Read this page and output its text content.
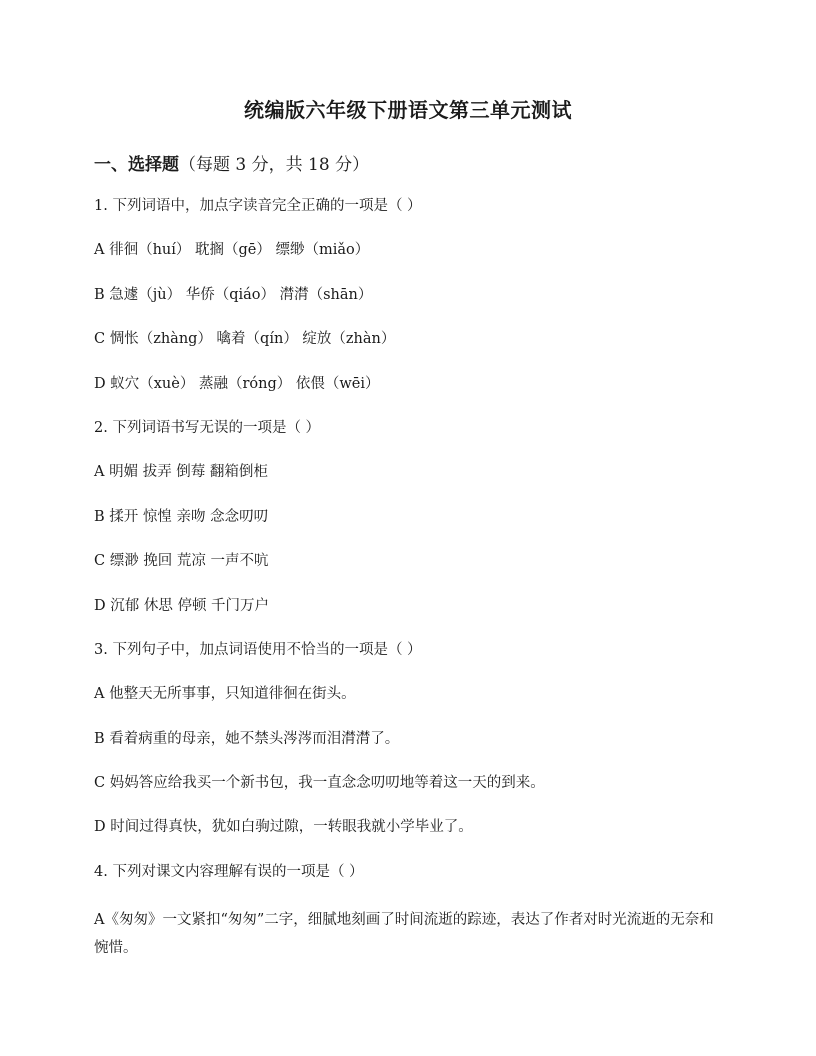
统编版六年级下册语文第三单元测试
一、选择题（每题 3 分，共 18 分）
1. 下列词语中，加点字读音完全正确的一项是（ ）
A 徘徊（huí） 耽搁（gē） 缥缈（miǎo）
B 急遽（jù） 华侨（qiáo） 潸潸（shān）
C 惆怅（zhàng） 噙着（qín） 绽放（zhàn）
D 蚁穴（xuè） 蒸融（róng） 依偎（wēi）
2. 下列词语书写无误的一项是（ ）
A 明媚 拔弄 倒莓 翻箱倒柜
B 揉开 惊惶 亲吻 念念叨叨
C 缥渺 挽回 荒凉 一声不吭
D 沉郁 休思 停顿 千门万户
3. 下列句子中，加点词语使用不恰当的一项是（ ）
A 他整天无所事事，只知道徘徊在街头。
B 看着病重的母亲，她不禁头涔涔而泪潸潸了。
C 妈妈答应给我买一个新书包，我一直念念叨叨地等着这一天的到来。
D 时间过得真快，犹如白驹过隙，一转眼我就小学毕业了。
4. 下列对课文内容理解有误的一项是（ ）
A《匆匆》一文紧扣“匆匆”二字，细腻地刻画了时间流逝的踪迹，表达了作者对时光流逝的无奈和惋惜。
